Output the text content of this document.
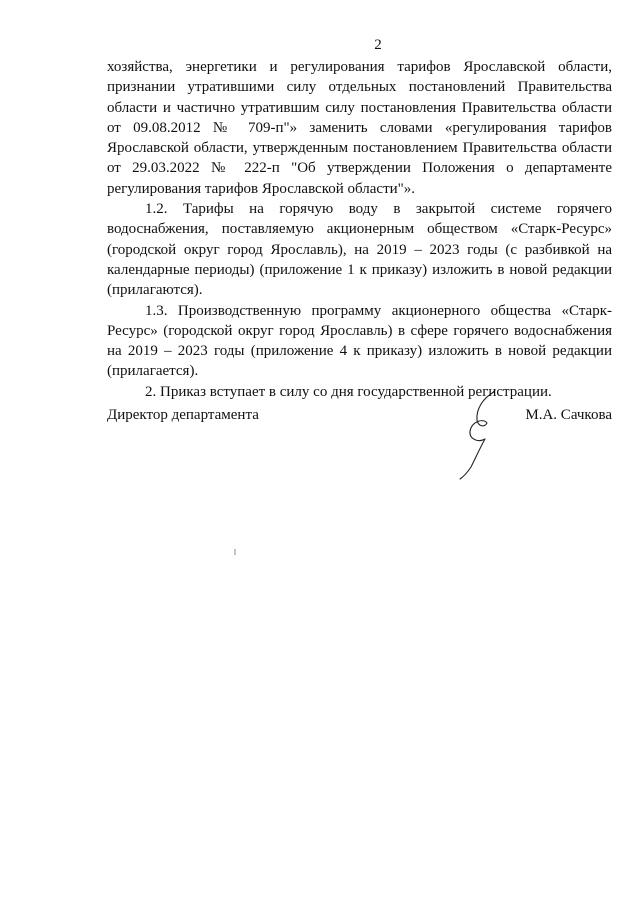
2

хозяйства, энергетики и регулирования тарифов Ярославской области, признании утратившими силу отдельных постановлений Правительства области и частично утратившим силу постановления Правительства области от 09.08.2012 № 709-п"» заменить словами «регулирования тарифов Ярославской области, утвержденным постановлением Правительства области от 29.03.2022 № 222-п "Об утверждении Положения о департаменте регулирования тарифов Ярославской области"».

1.2. Тарифы на горячую воду в закрытой системе горячего водоснабжения, поставляемую акционерным обществом «Старк-Ресурс» (городской округ город Ярославль), на 2019 – 2023 годы (с разбивкой на календарные периоды) (приложение 1 к приказу) изложить в новой редакции (прилагаются).

1.3. Производственную программу акционерного общества «Старк-Ресурс» (городской округ город Ярославль) в сфере горячего водоснабжения на 2019 – 2023 годы (приложение 4 к приказу) изложить в новой редакции (прилагается).

2. Приказ вступает в силу со дня государственной регистрации.

Директор департамента	М.А. Сачкова
